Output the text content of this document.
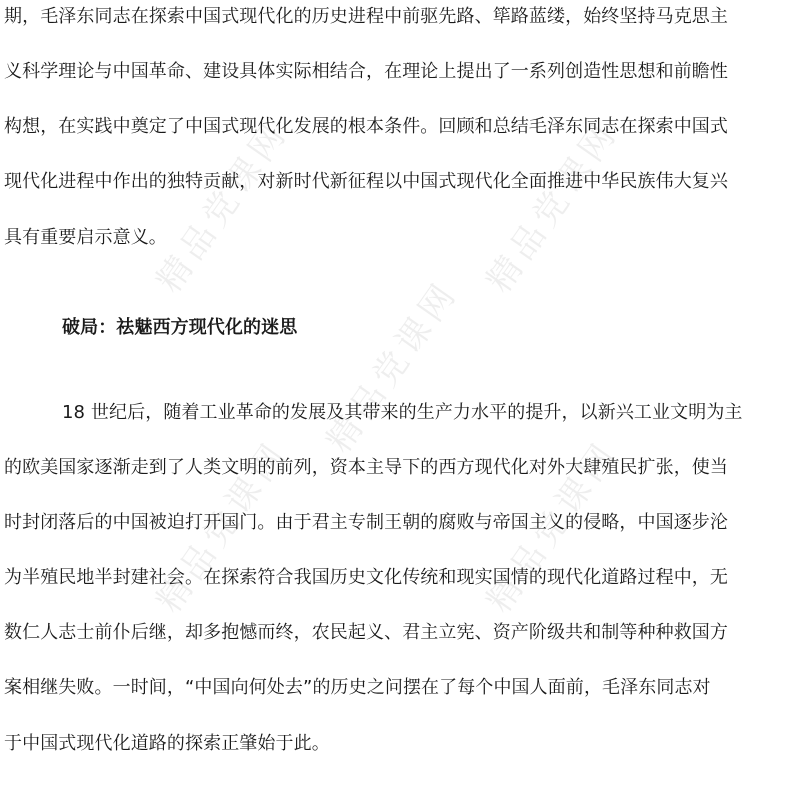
精品党课网	精品党课网
精品党课网
精品党课网	精品党课网
期，毛泽东同志在探索中国式现代化的历史进程中前驱先路、筚路蓝缕，始终坚持马克思主
义科学理论与中国革命、建设具体实际相结合，在理论上提出了一系列创造性思想和前瞻性
构想，在实践中奠定了中国式现代化发展的根本条件。回顾和总结毛泽东同志在探索中国式
现代化进程中作出的独特贡献，对新时代新征程以中国式现代化全面推进中华民族伟大复兴
具有重要启示意义。
破局：祛魅西方现代化的迷思
18 世纪后，随着工业革命的发展及其带来的生产力水平的提升，以新兴工业文明为主
的欧美国家逐渐走到了人类文明的前列，资本主导下的西方现代化对外大肆殖民扩张，使当
时封闭落后的中国被迫打开国门。由于君主专制王朝的腐败与帝国主义的侵略，中国逐步沦
为半殖民地半封建社会。在探索符合我国历史文化传统和现实国情的现代化道路过程中，无
数仁人志士前仆后继，却多抱憾而终，农民起义、君主立宪、资产阶级共和制等种种救国方
案相继失败。一时间，“中国向何处去”的历史之问摆在了每个中国人面前，毛泽东同志对
于中国式现代化道路的探索正肇始于此。
